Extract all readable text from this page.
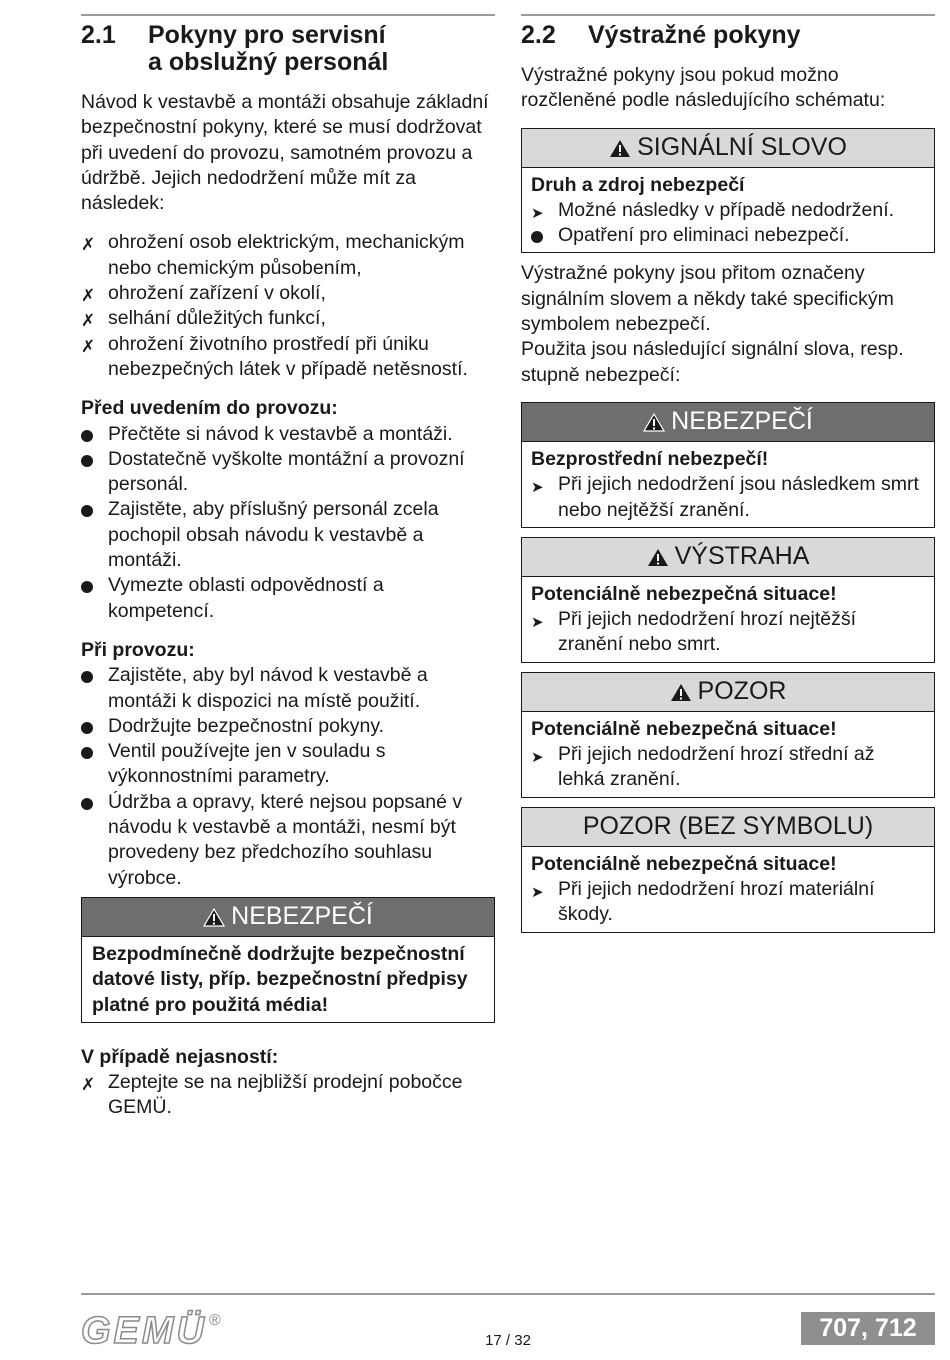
2.1	Pokyny pro servisní
a obslužný personál

Návod k vestavbě a montáži obsahuje základní bezpečnostní pokyny, které se musí dodržovat při uvedení do provozu, samotném provozu a údržbě. Jejich nedodržení může mít za následek:

✗
ohrožení osob elektrickým, mechanickým nebo chemickým působením,
✗
ohrožení zařízení v okolí,
✗
selhání důležitých funkcí,
✗
ohrožení životního prostředí při úniku nebezpečných látek v případě netěsností.
Před uvedením do provozu:
Přečtěte si návod k vestavbě a montáži.
Dostatečně vyškolte montážní a provozní personál.
Zajistěte, aby příslušný personál zcela pochopil obsah návodu k vestavbě a montáži.
Vymezte oblasti odpovědností a kompetencí.
Při provozu:
Zajistěte, aby byl návod k vestavbě a montáži k dispozici na místě použití.
Dodržujte bezpečnostní pokyny.
Ventil používejte jen v souladu s výkonnostními parametry.
Údržba a opravy, které nejsou popsané v návodu k vestavbě a montáži, nesmí být provedeny bez předchozího souhlasu výrobce.
NEBEZPEČÍ
Bezpodmínečně dodržujte bezpečnostní datové listy, příp. bezpečnostní předpisy platné pro použitá média!
V případě nejasností:
✗
Zeptejte se na nejbližší prodejní pobočce GEMÜ.
2.2	Výstražné pokyny

Výstražné pokyny jsou pokud možno rozčleněné podle následujícího schématu:

SIGNÁLNÍ SLOVO
Druh a zdroj nebezpečí
➤
Možné následky v případě nedodržení.
Opatření pro eliminaci nebezpečí.

Výstražné pokyny jsou přitom označeny signálním slovem a někdy také specifickým symbolem nebezpečí.

Použita jsou následující signální slova, resp. stupně nebezpečí:

NEBEZPEČÍ
Bezprostřední nebezpečí!
➤
Při jejich nedodržení jsou následkem smrt nebo nejtěžší zranění.
VÝSTRAHA
Potenciálně nebezpečná situace!
➤
Při jejich nedodržení hrozí nejtěžší zranění nebo smrt.
POZOR
Potenciálně nebezpečná situace!
➤
Při jejich nedodržení hrozí střední až lehká zranění.
POZOR (BEZ SYMBOLU)
Potenciálně nebezpečná situace!
➤
Při jejich nedodržení hrozí materiální škody.
GEMÜ ®
17 / 32	707, 712
